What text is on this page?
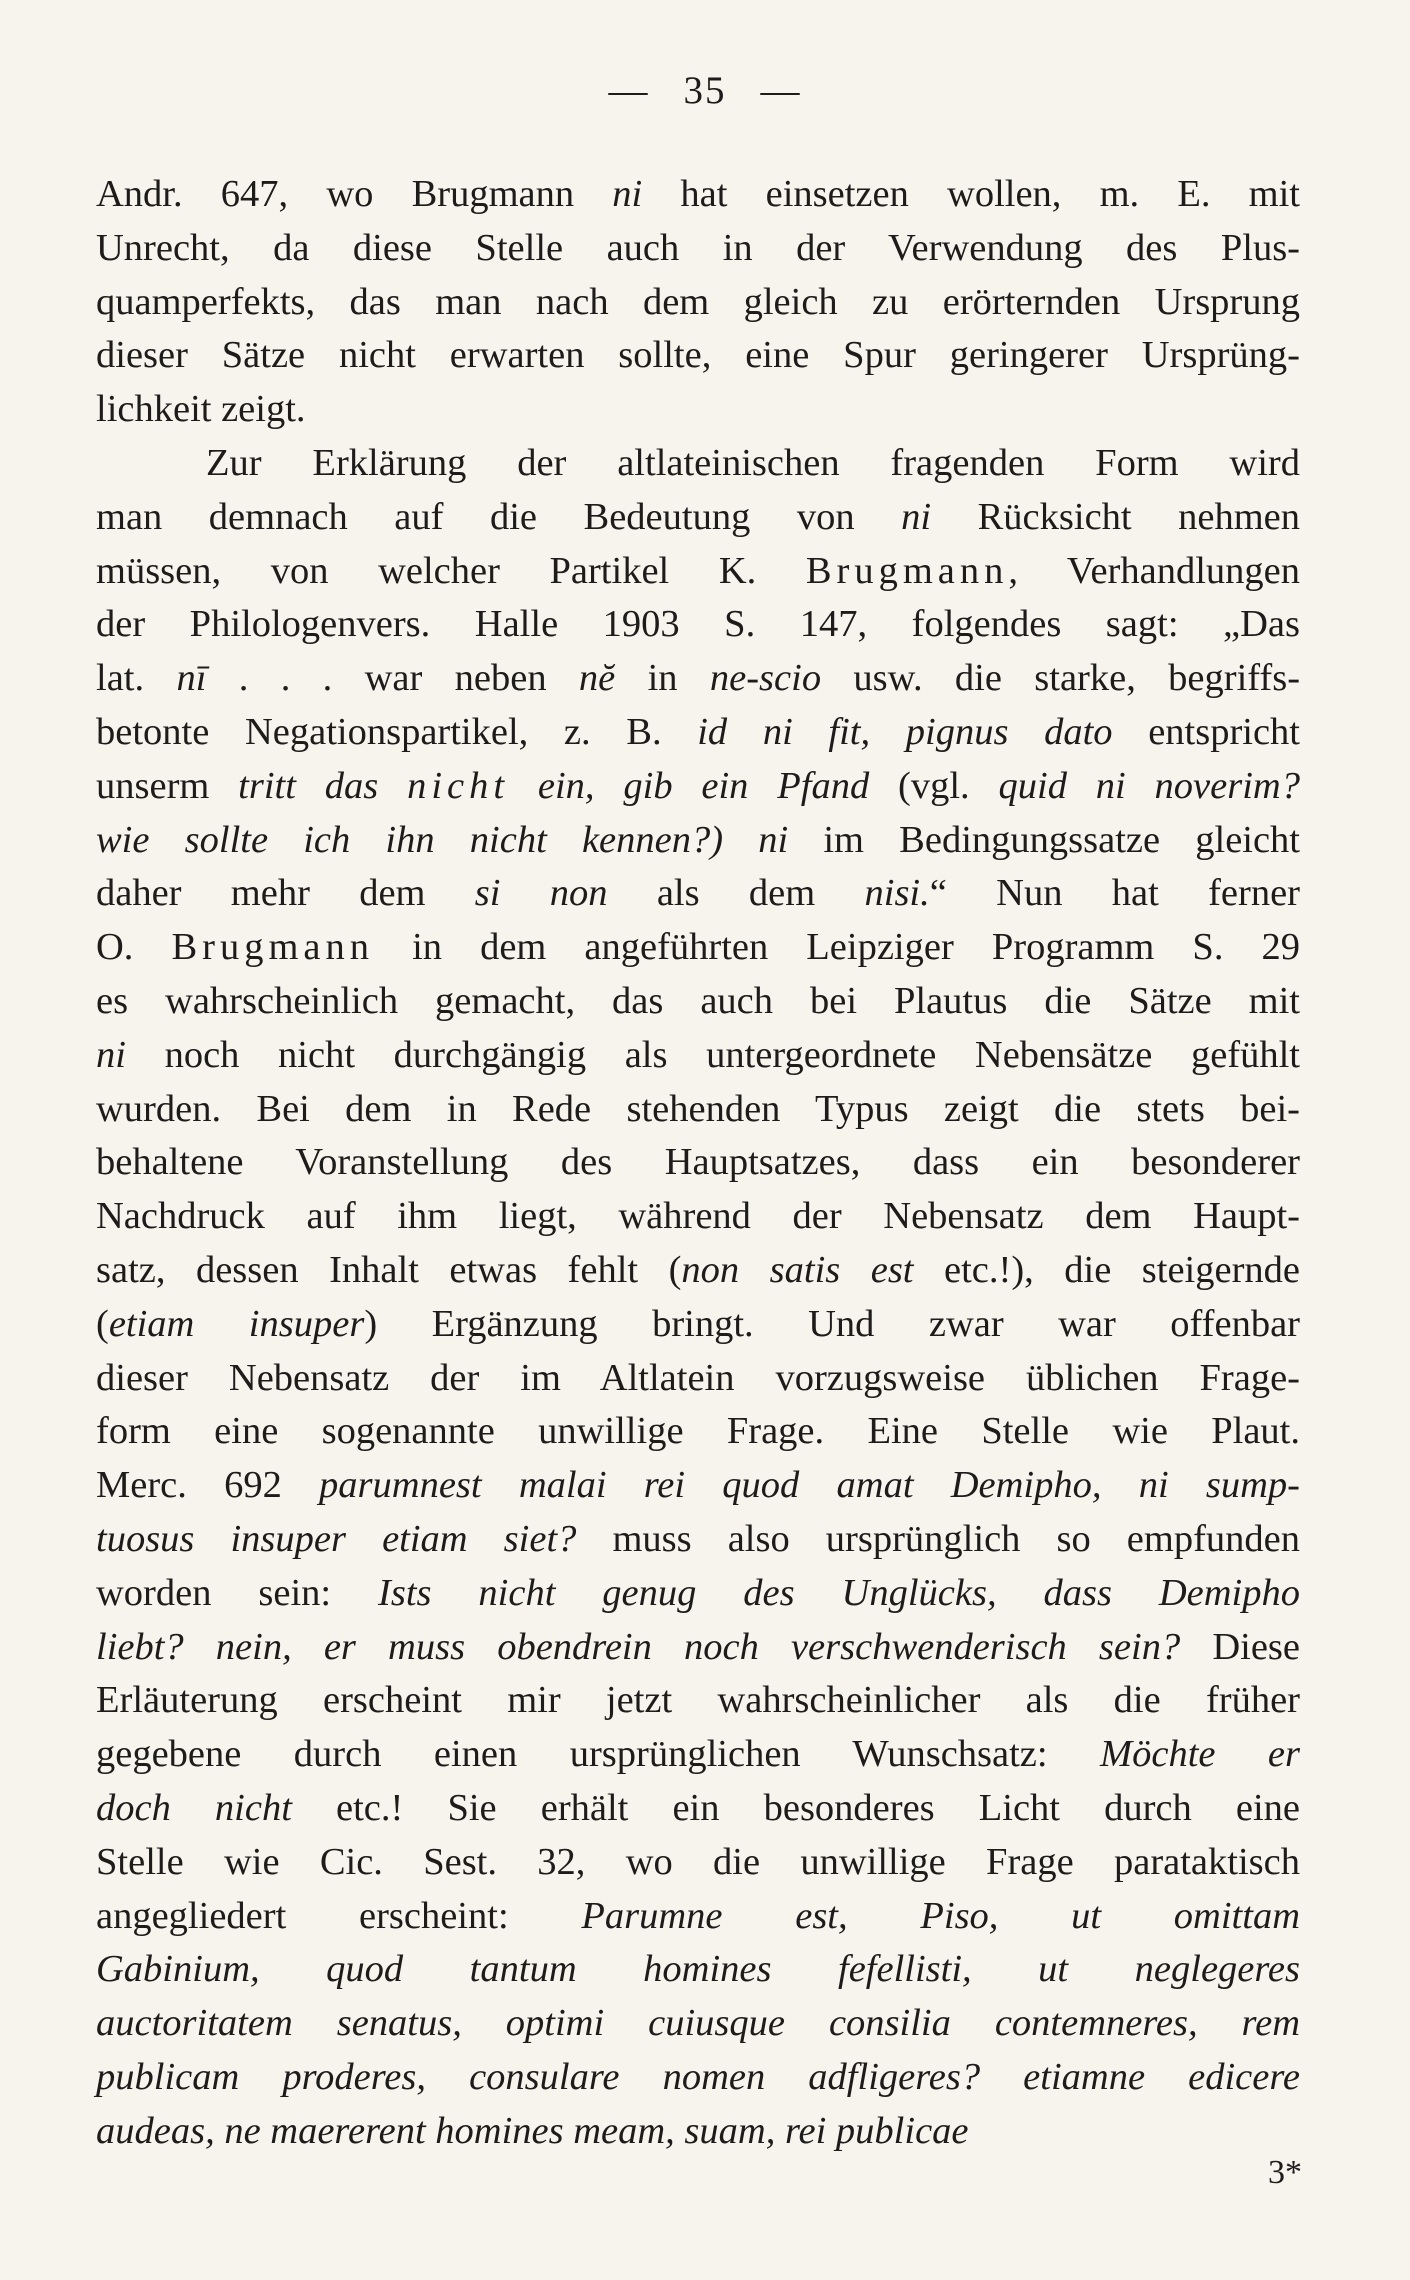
— 35 —
Andr. 647, wo Brugmann ni hat einsetzen wollen, m. E. mit
Unrecht, da diese Stelle auch in der Verwendung des Plus-
quamperfekts, das man nach dem gleich zu erörternden Ursprung
dieser Sätze nicht erwarten sollte, eine Spur geringerer Ursprüng-
lichkeit zeigt.
Zur Erklärung der altlateinischen fragenden Form wird
man demnach auf die Bedeutung von ni Rücksicht nehmen
müssen, von welcher Partikel K. Brugmann, Verhandlungen
der Philologenvers. Halle 1903 S. 147, folgendes sagt: „Das
lat. nī . . . war neben nĕ in ne-scio usw. die starke, begriffs-
betonte Negationspartikel, z. B. id ni fit, pignus dato entspricht
unserm tritt das nicht ein, gib ein Pfand (vgl. quid ni noverim?
wie sollte ich ihn nicht kennen?) ni im Bedingungssatze gleicht
daher mehr dem si non als dem nisi.“ Nun hat ferner
O. Brugmann in dem angeführten Leipziger Programm S. 29
es wahrscheinlich gemacht, das auch bei Plautus die Sätze mit
ni noch nicht durchgängig als untergeordnete Nebensätze gefühlt
wurden. Bei dem in Rede stehenden Typus zeigt die stets bei-
behaltene Voranstellung des Hauptsatzes, dass ein besonderer
Nachdruck auf ihm liegt, während der Nebensatz dem Haupt-
satz, dessen Inhalt etwas fehlt (non satis est etc.!), die steigernde
(etiam insuper) Ergänzung bringt. Und zwar war offenbar
dieser Nebensatz der im Altlatein vorzugsweise üblichen Frage-
form eine sogenannte unwillige Frage. Eine Stelle wie Plaut.
Merc. 692 parumnest malai rei quod amat Demipho, ni sump-
tuosus insuper etiam siet? muss also ursprünglich so empfunden
worden sein: Ists nicht genug des Unglücks, dass Demipho
liebt? nein, er muss obendrein noch verschwenderisch sein? Diese
Erläuterung erscheint mir jetzt wahrscheinlicher als die früher
gegebene durch einen ursprünglichen Wunschsatz: Möchte er
doch nicht etc.! Sie erhält ein besonderes Licht durch eine
Stelle wie Cic. Sest. 32, wo die unwillige Frage parataktisch
angegliedert erscheint: Parumne est, Piso, ut omittam
Gabinium, quod tantum homines fefellisti, ut neglegeres
auctoritatem senatus, optimi cuiusque consilia contemneres, rem
publicam proderes, consulare nomen adfligeres? etiamne edicere
audeas, ne maererent homines meam, suam, rei publicae
3*
